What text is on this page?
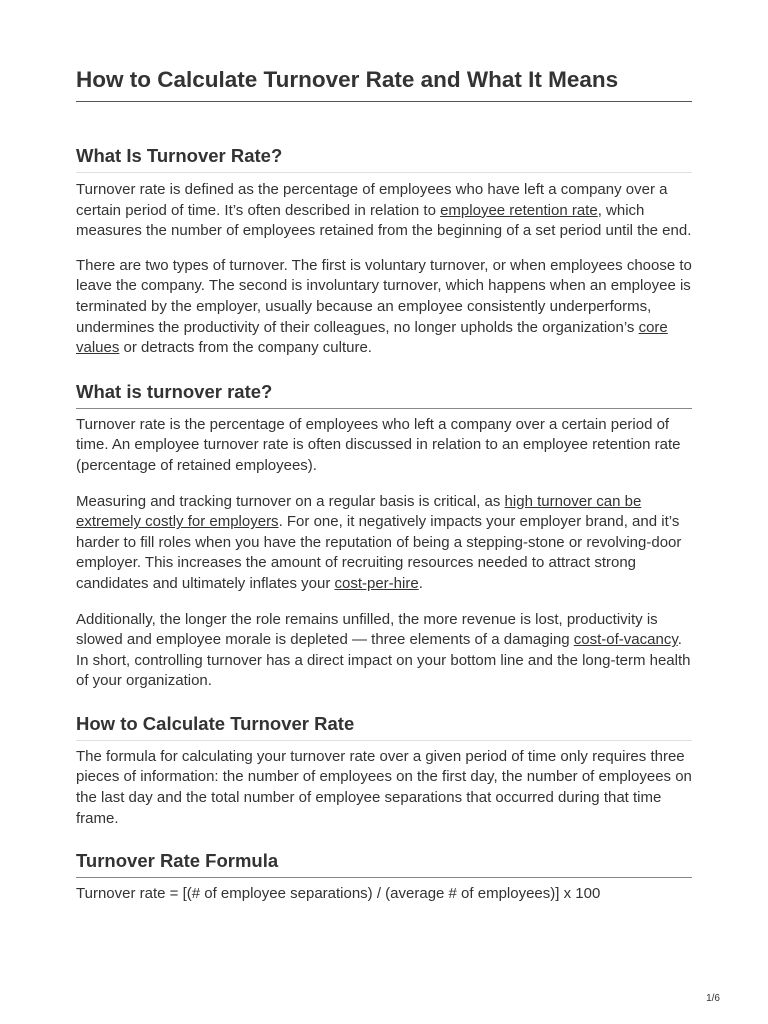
How to Calculate Turnover Rate and What It Means
What Is Turnover Rate?

Turnover rate is defined as the percentage of employees who have left a company over a certain period of time. It’s often described in relation to employee retention rate, which measures the number of employees retained from the beginning of a set period until the end.

There are two types of turnover. The first is voluntary turnover, or when employees choose to leave the company. The second is involuntary turnover, which happens when an employee is terminated by the employer, usually because an employee consistently underperforms, undermines the productivity of their colleagues, no longer upholds the organization’s core values or detracts from the company culture.

What is turnover rate?

Turnover rate is the percentage of employees who left a company over a certain period of time. An employee turnover rate is often discussed in relation to an employee retention rate (percentage of retained employees).

Measuring and tracking turnover on a regular basis is critical, as high turnover can be extremely costly for employers. For one, it negatively impacts your employer brand, and it’s harder to fill roles when you have the reputation of being a stepping-stone or revolving-door employer. This increases the amount of recruiting resources needed to attract strong candidates and ultimately inflates your cost-per-hire.

Additionally, the longer the role remains unfilled, the more revenue is lost, productivity is slowed and employee morale is depleted — three elements of a damaging cost-of-vacancy. In short, controlling turnover has a direct impact on your bottom line and the long-term health of your organization.

How to Calculate Turnover Rate

The formula for calculating your turnover rate over a given period of time only requires three pieces of information: the number of employees on the first day, the number of employees on the last day and the total number of employee separations that occurred during that time frame.

Turnover Rate Formula

Turnover rate = [(# of employee separations) / (average # of employees)] x 100

1/6
